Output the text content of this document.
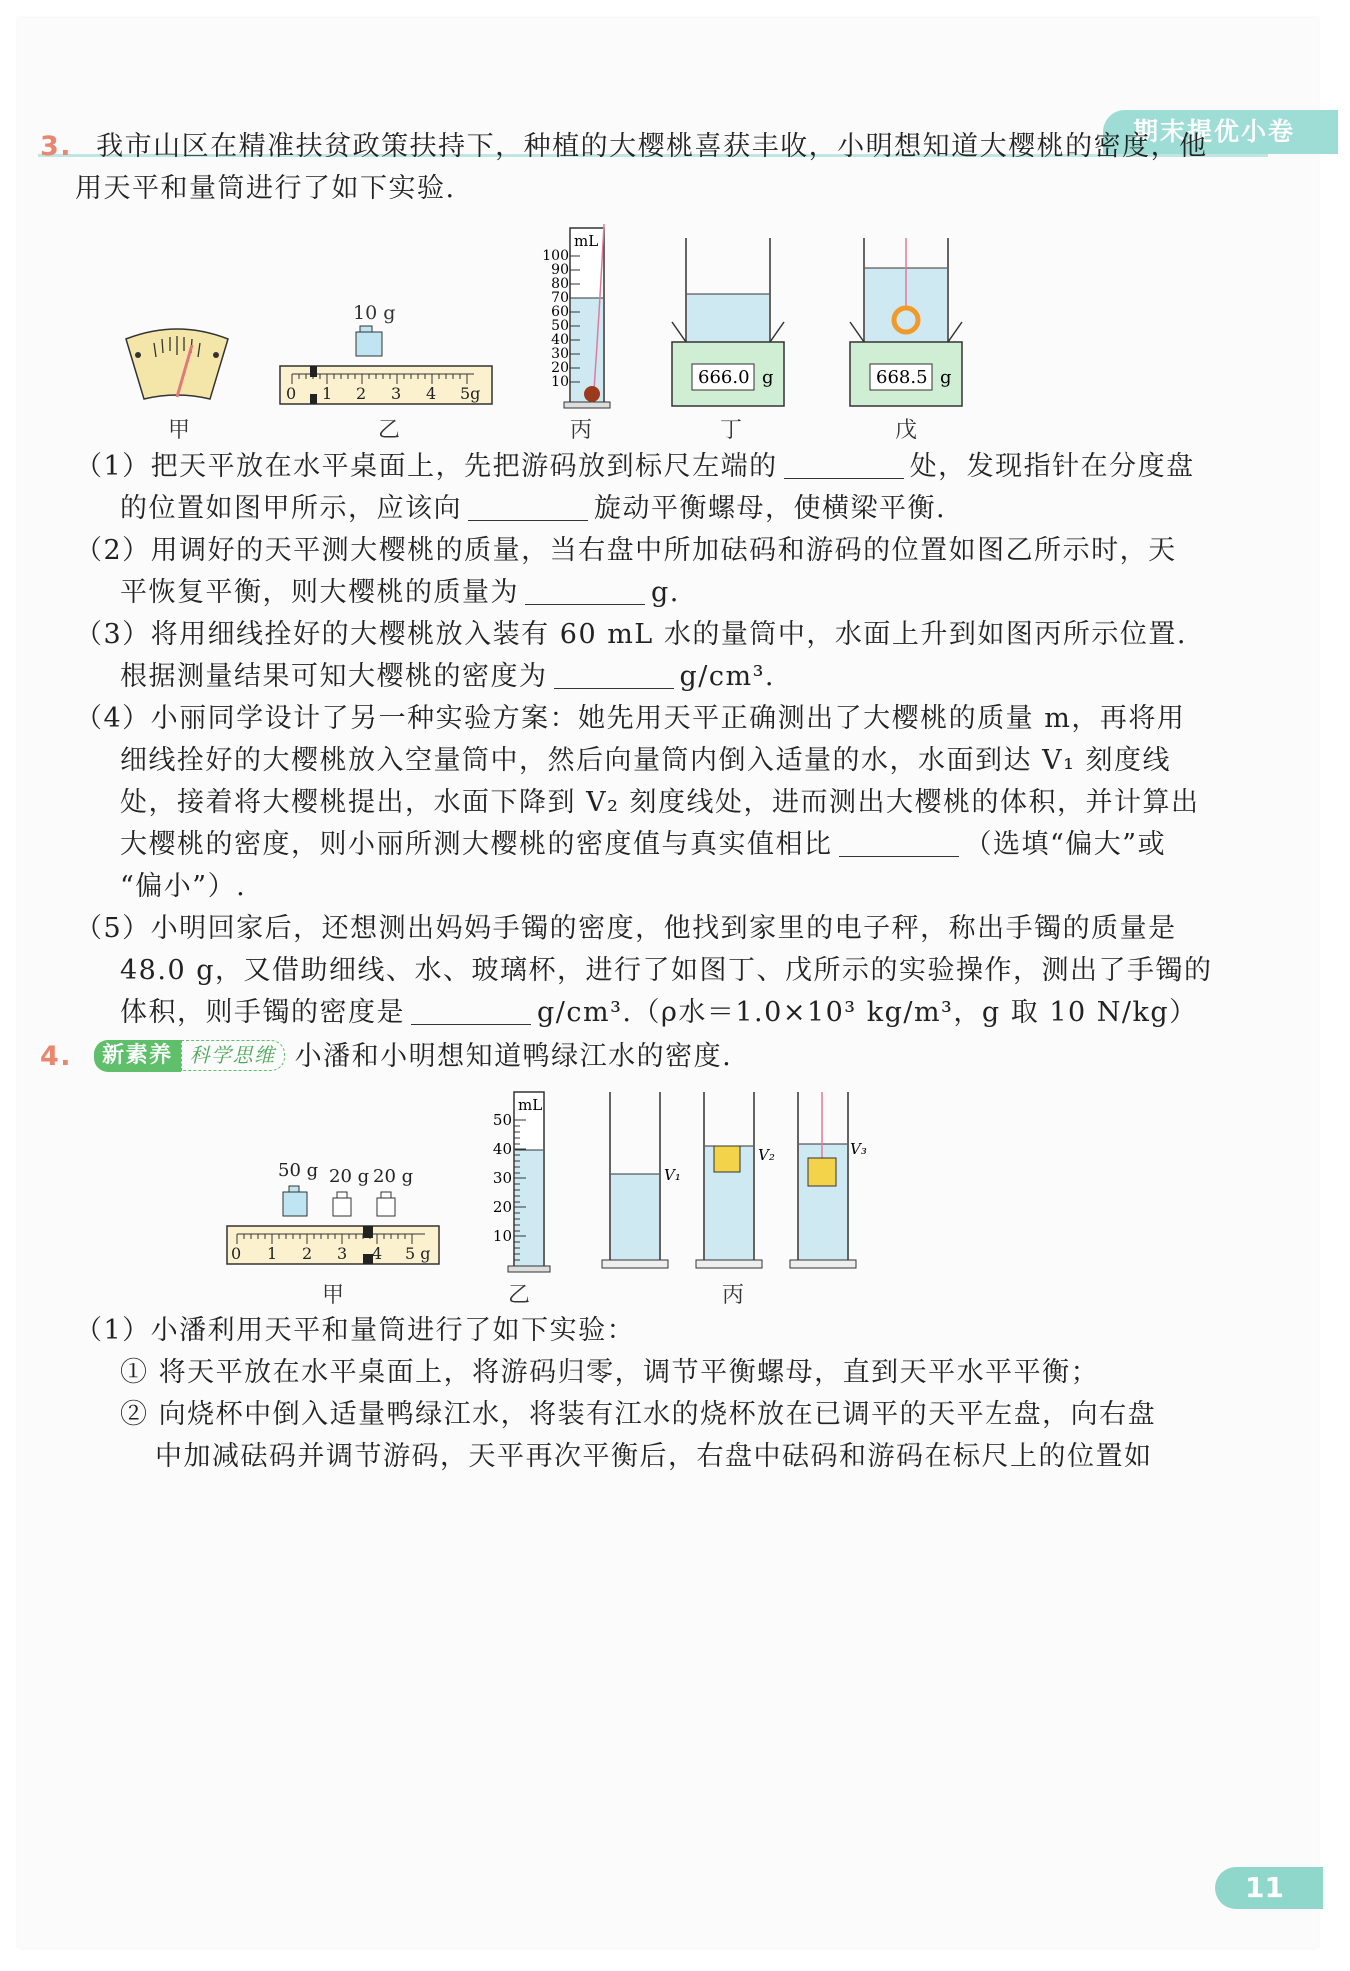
期末提优小卷
3. 我市山区在精准扶贫政策扶持下，种植的大樱桃喜获丰收，小明想知道大樱桃的密度，他
用天平和量筒进行了如下实验.
甲
10 g
0 1 2 3 4 5g
乙
mL
100
90
80
70
60
50
40
30
20
10
丙
666.0 g
丁
668.5 g
戊
（1）把天平放在水平桌面上，先把游码放到标尺左端的	处，发现指针在分度盘
的位置如图甲所示，应该向	旋动平衡螺母，使横梁平衡.
（2）用调好的天平测大樱桃的质量，当右盘中所加砝码和游码的位置如图乙所示时，天
平恢复平衡，则大樱桃的质量为	g.
（3）将用细线拴好的大樱桃放入装有 60 mL 水的量筒中，水面上升到如图丙所示位置.
根据测量结果可知大樱桃的密度为	g/cm³.
（4）小丽同学设计了另一种实验方案：她先用天平正确测出了大樱桃的质量 m，再将用
细线拴好的大樱桃放入空量筒中，然后向量筒内倒入适量的水，水面到达 V₁ 刻度线
处，接着将大樱桃提出，水面下降到 V₂ 刻度线处，进而测出大樱桃的体积，并计算出
大樱桃的密度，则小丽所测大樱桃的密度值与真实值相比	（选填“偏大”或
“偏小”）.
（5）小明回家后，还想测出妈妈手镯的密度，他找到家里的电子秤，称出手镯的质量是
48.0 g，又借助细线、水、玻璃杯，进行了如图丁、戊所示的实验操作，测出了手镯的
体积，则手镯的密度是	g/cm³.（ρ水＝1.0×10³ kg/m³，g 取 10 N/kg）
4. 新素养 科学思维 小潘和小明想知道鸭绿江水的密度.
50 g 20 g 20 g
0 1 2 3 4 5 g
甲
mL
50
40
30
20
10
乙
V₁
V₂	V₃
丙
（1）小潘利用天平和量筒进行了如下实验：
① 将天平放在水平桌面上，将游码归零，调节平衡螺母，直到天平水平平衡；
② 向烧杯中倒入适量鸭绿江水，将装有江水的烧杯放在已调平的天平左盘，向右盘
中加减砝码并调节游码，天平再次平衡后，右盘中砝码和游码在标尺上的位置如
11
